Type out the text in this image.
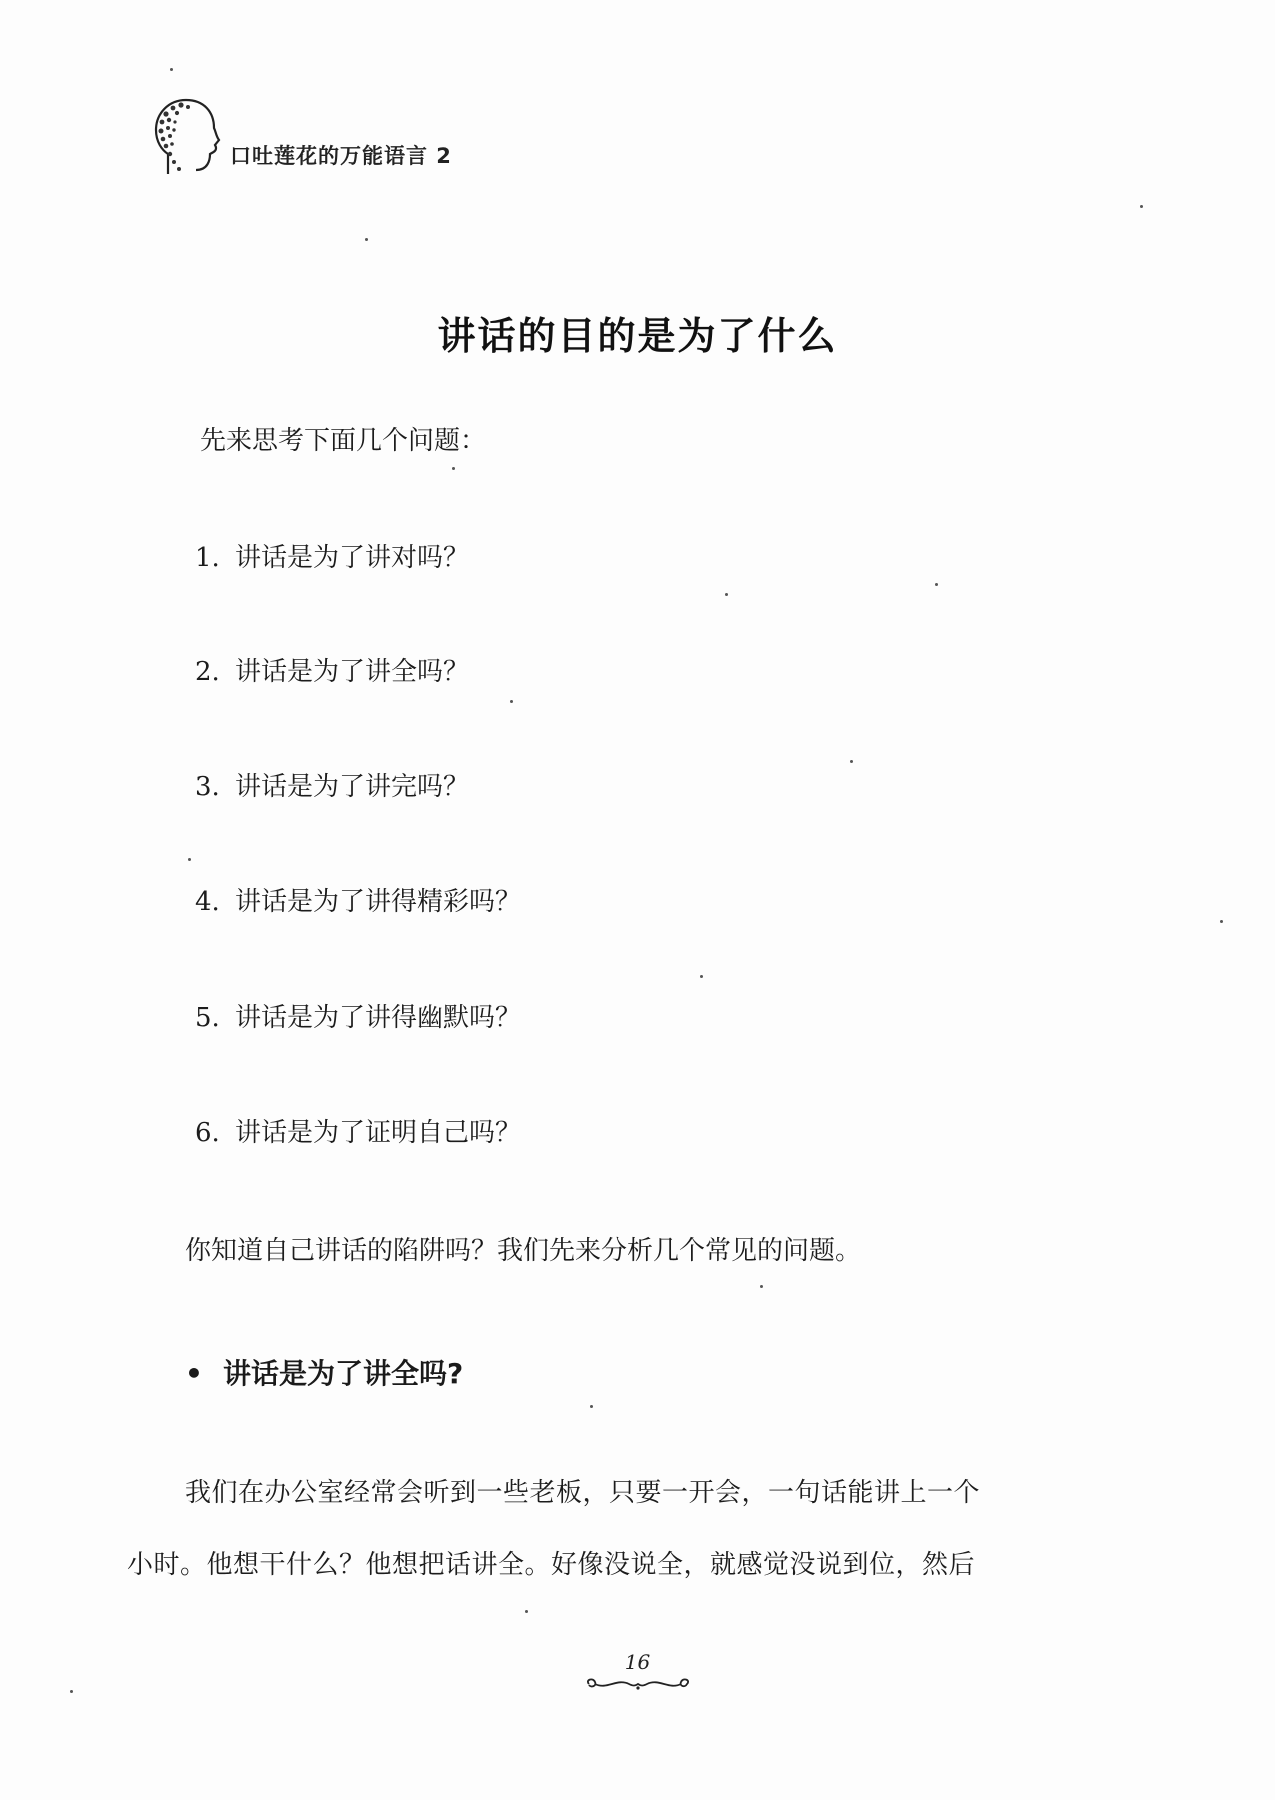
口吐莲花的万能语言 2
讲话的目的是为了什么
先来思考下面几个问题：
1. 讲话是为了讲对吗？
2. 讲话是为了讲全吗？
3. 讲话是为了讲完吗？
4. 讲话是为了讲得精彩吗？
5. 讲话是为了讲得幽默吗？
6. 讲话是为了证明自己吗？
你知道自己讲话的陷阱吗？我们先来分析几个常见的问题。
• 讲话是为了讲全吗?
我们在办公室经常会听到一些老板，只要一开会，一句话能讲上一个
小时。他想干什么？他想把话讲全。好像没说全，就感觉没说到位，然后
16
